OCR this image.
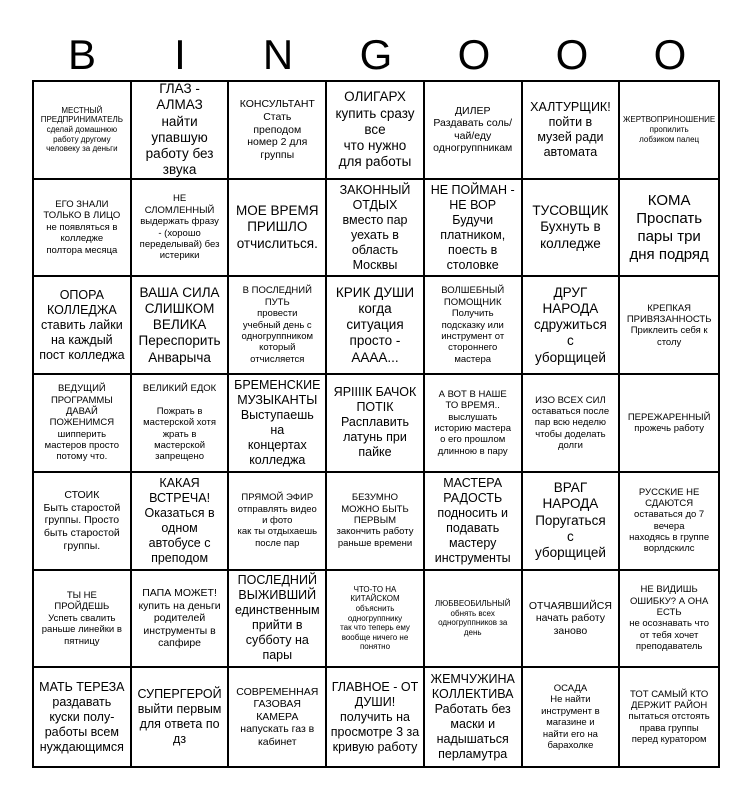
B	I	N	G	O	O	O
МЕСТНЫЙ
ПРЕДПРИНИМАТЕЛЬ
сделай домашнюю
работу другому
человеку за деньги
ГЛАЗ - АЛМАЗ
найти
упавшую
работу без
звука
КОНСУЛЬТАНТ
Стать
преподом
номер 2 для
группы
ОЛИГАРХ
купить сразу
все
что нужно
для работы
ДИЛЕР
Раздавать соль/
чай/еду
одногруппникам
ХАЛТУРЩИК!
пойти в
музей ради
автомата
ЖЕРТВОПРИНОШЕНИЕ
пропилить
лобзиком палец
ЕГО ЗНАЛИ
ТОЛЬКО В ЛИЦО
не появляться в
колледже
полтора месяца
НЕ
СЛОМЛЕННЫЙ
выдержать фразу
- (хорошо
переделывай) без
истерики
МОЕ ВРЕМЯ
ПРИШЛО
отчислиться.
ЗАКОННЫЙ
ОТДЫХ
вместо пар
уехать в
область
Москвы
НЕ ПОЙМАН -
НЕ ВОР
Будучи
платником,
поесть в
столовке
ТУСОВЩИК
Бухнуть в
колледже
КОМА
Проспать
пары три
дня подряд
ОПОРА
КОЛЛЕДЖА
ставить лайки
на каждый
пост колледжа
ВАША СИЛА
СЛИШКОМ
ВЕЛИКА
Переспорить
Анварыча
В ПОСЛЕДНИЙ
ПУТЬ
провести
учебный день с
одногруппником
который
отчисляется
КРИК ДУШИ
когда
ситуация
просто -
АААА...
ВОЛШЕБНЫЙ
ПОМОЩНИК
Получить
подсказку или
инструмент от
стороннего
мастера
ДРУГ
НАРОДА
сдружиться
с
уборщицей
КРЕПКАЯ
ПРИВЯЗАННОСТЬ
Приклеить себя к
столу
ВЕДУЩИЙ
ПРОГРАММЫ
ДАВАЙ
ПОЖЕНИМСЯ
шипперить
мастеров просто
потому что.
ВЕЛИКИЙ ЕДОК

Пожрать в
мастерской хотя
жрать в
мастерской
запрещено
БРЕМЕНСКИЕ
МУЗЫКАНТЫ
Выступаешь
на
концертах
колледжа
ЯРІІІІК БАЧОК
ПОТІК
Расплавить
латунь при
пайке
А ВОТ В НАШЕ
ТО ВРЕМЯ..
выслушать
историю мастера
о его прошлом
длинною в пару
ИЗО ВСЕХ СИЛ
оставаться после
пар всю неделю
чтобы доделать
долги
ПЕРЕЖАРЕННЫЙ
прожечь работу
СТОИК
Быть старостой
группы. Просто
быть старостой
группы.
КАКАЯ
ВСТРЕЧА!
Оказаться в
одном
автобусе с
преподом
ПРЯМОЙ ЭФИР
отправлять видео
и фото
как ты отдыхаешь
после пар
БЕЗУМНО
МОЖНО БЫТЬ
ПЕРВЫМ
закончить работу
раньше времени
МАСТЕРА
РАДОСТЬ
подносить и
подавать
мастеру
инструменты
ВРАГ
НАРОДА
Поругаться
с
уборщицей
РУССКИЕ НЕ
СДАЮТСЯ
оставаться до 7
вечера
находясь в группе
ворлдскилс
ТЫ НЕ
ПРОЙДЕШЬ
Успеть свалить
раньше линейки в
пятницу
ПАПА МОЖЕТ!
купить на деньги
родителей
инструменты в
сапфире
ПОСЛЕДНИЙ
ВЫЖИВШИЙ
единственным
прийти в
субботу на
пары
ЧТО-ТО НА
КИТАЙСКОМ
объяснить
одногруппнику
так что теперь ему
вообще ничего не
понятно
ЛЮБВЕОБИЛЬНЫЙ
обнять всех
одногруппников за
день
ОТЧАЯВШИЙСЯ
начать работу
заново
НЕ ВИДИШЬ
ОШИБКУ? А ОНА
ЕСТЬ
не осознавать что
от тебя хочет
преподаватель
МАТЬ ТЕРЕЗА
раздавать
куски полу-
работы всем
нуждающимся
СУПЕРГЕРОЙ
выйти первым
для ответа по
дз
СОВРЕМЕННАЯ
ГАЗОВАЯ
КАМЕРА
напускать газ в
кабинет
ГЛАВНОЕ - ОТ
ДУШИ!
получить на
просмотре 3 за
кривую работу
ЖЕМЧУЖИНА
КОЛЛЕКТИВА
Работать без
маски и
надышаться
перламутра
ОСАДА
Не найти
инструмент в
магазине и
найти его на
барахолке
ТОТ САМЫЙ КТО
ДЕРЖИТ РАЙОН
пытаться отстоять
права группы
перед куратором
